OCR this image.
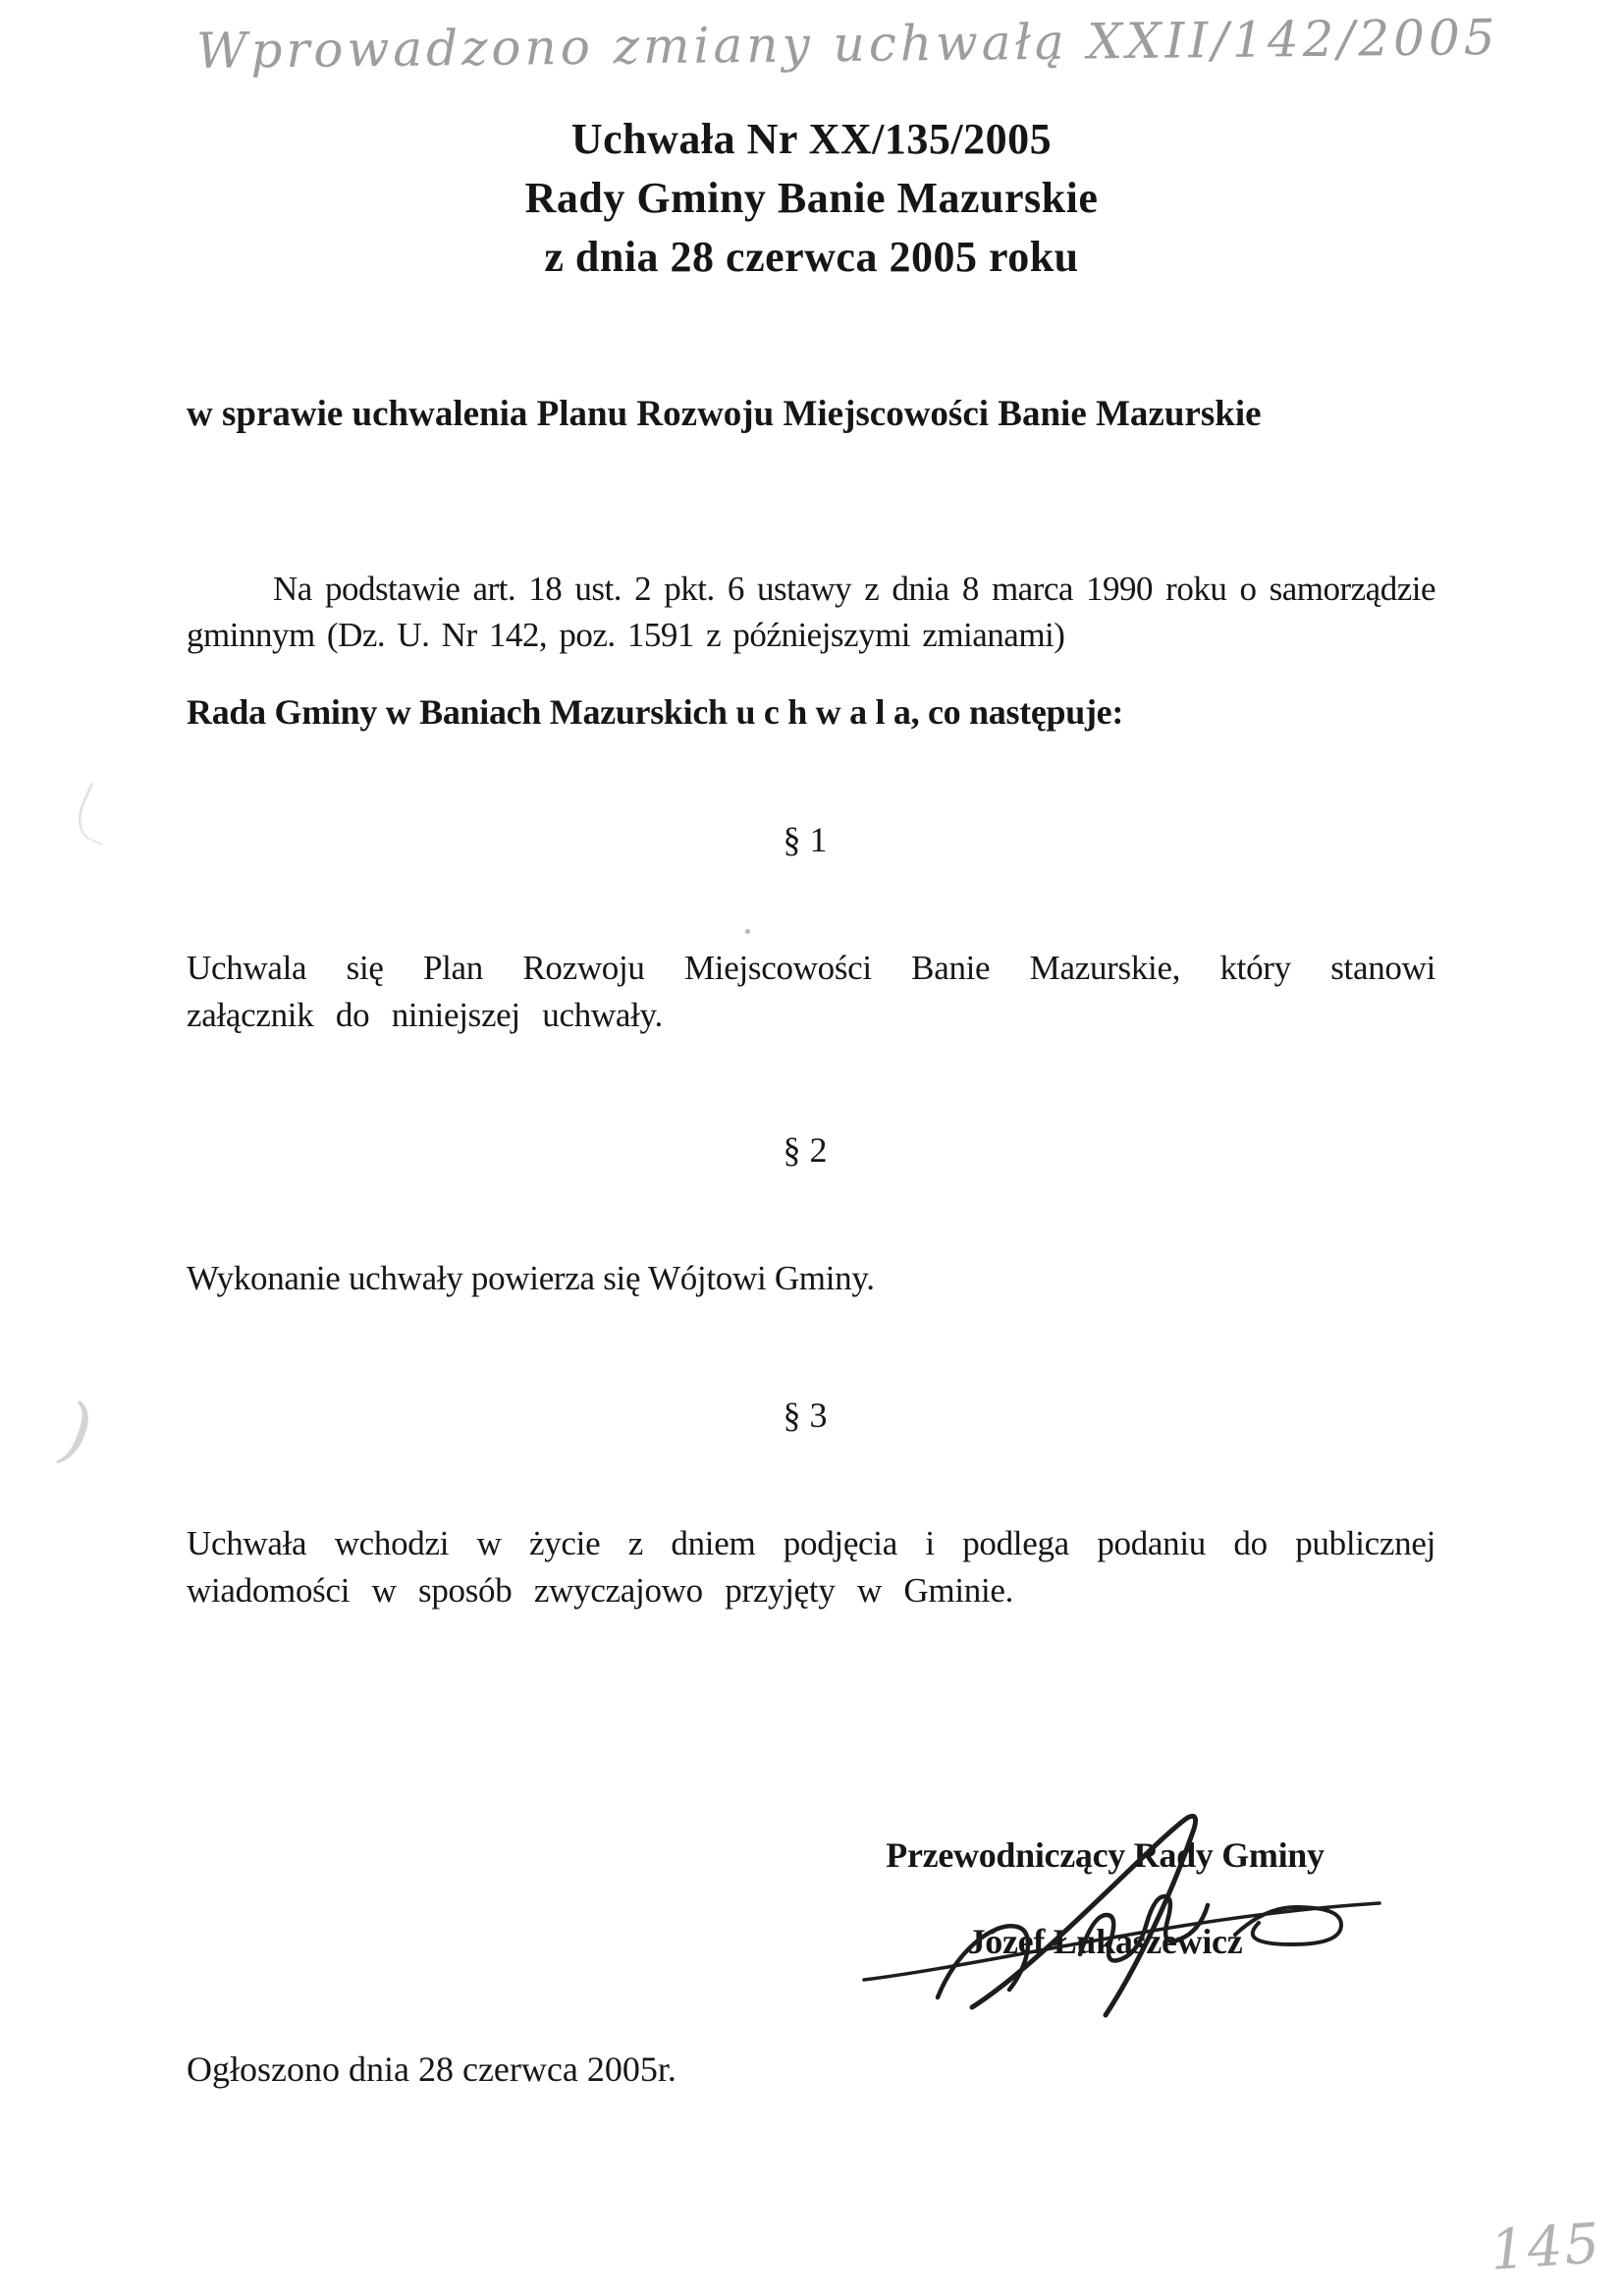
Wprowadzono zmiany uchwałą XXII/142/2005
Uchwała Nr XX/135/2005
Rady Gminy Banie Mazurskie
z dnia 28 czerwca 2005 roku
w sprawie uchwalenia Planu Rozwoju Miejscowości Banie Mazurskie
Na podstawie art. 18 ust. 2 pkt. 6 ustawy z dnia 8 marca 1990 roku o samorządzie gminnym (Dz. U. Nr 142, poz. 1591 z późniejszymi zmianami)
Rada Gminy w Baniach Mazurskich u c h w a l a, co następuje:
§ 1
Uchwala się Plan Rozwoju Miejscowości Banie Mazurskie, który stanowi załącznik do niniejszej uchwały.
§ 2
Wykonanie uchwały powierza się Wójtowi Gminy.
§ 3
Uchwała wchodzi w życie z dniem podjęcia i podlega podaniu do publicznej wiadomości w sposób zwyczajowo przyjęty w Gminie.
Przewodniczący Rady Gminy
Józef Łukaszewicz
Ogłoszono dnia 28 czerwca 2005r.
145
)
